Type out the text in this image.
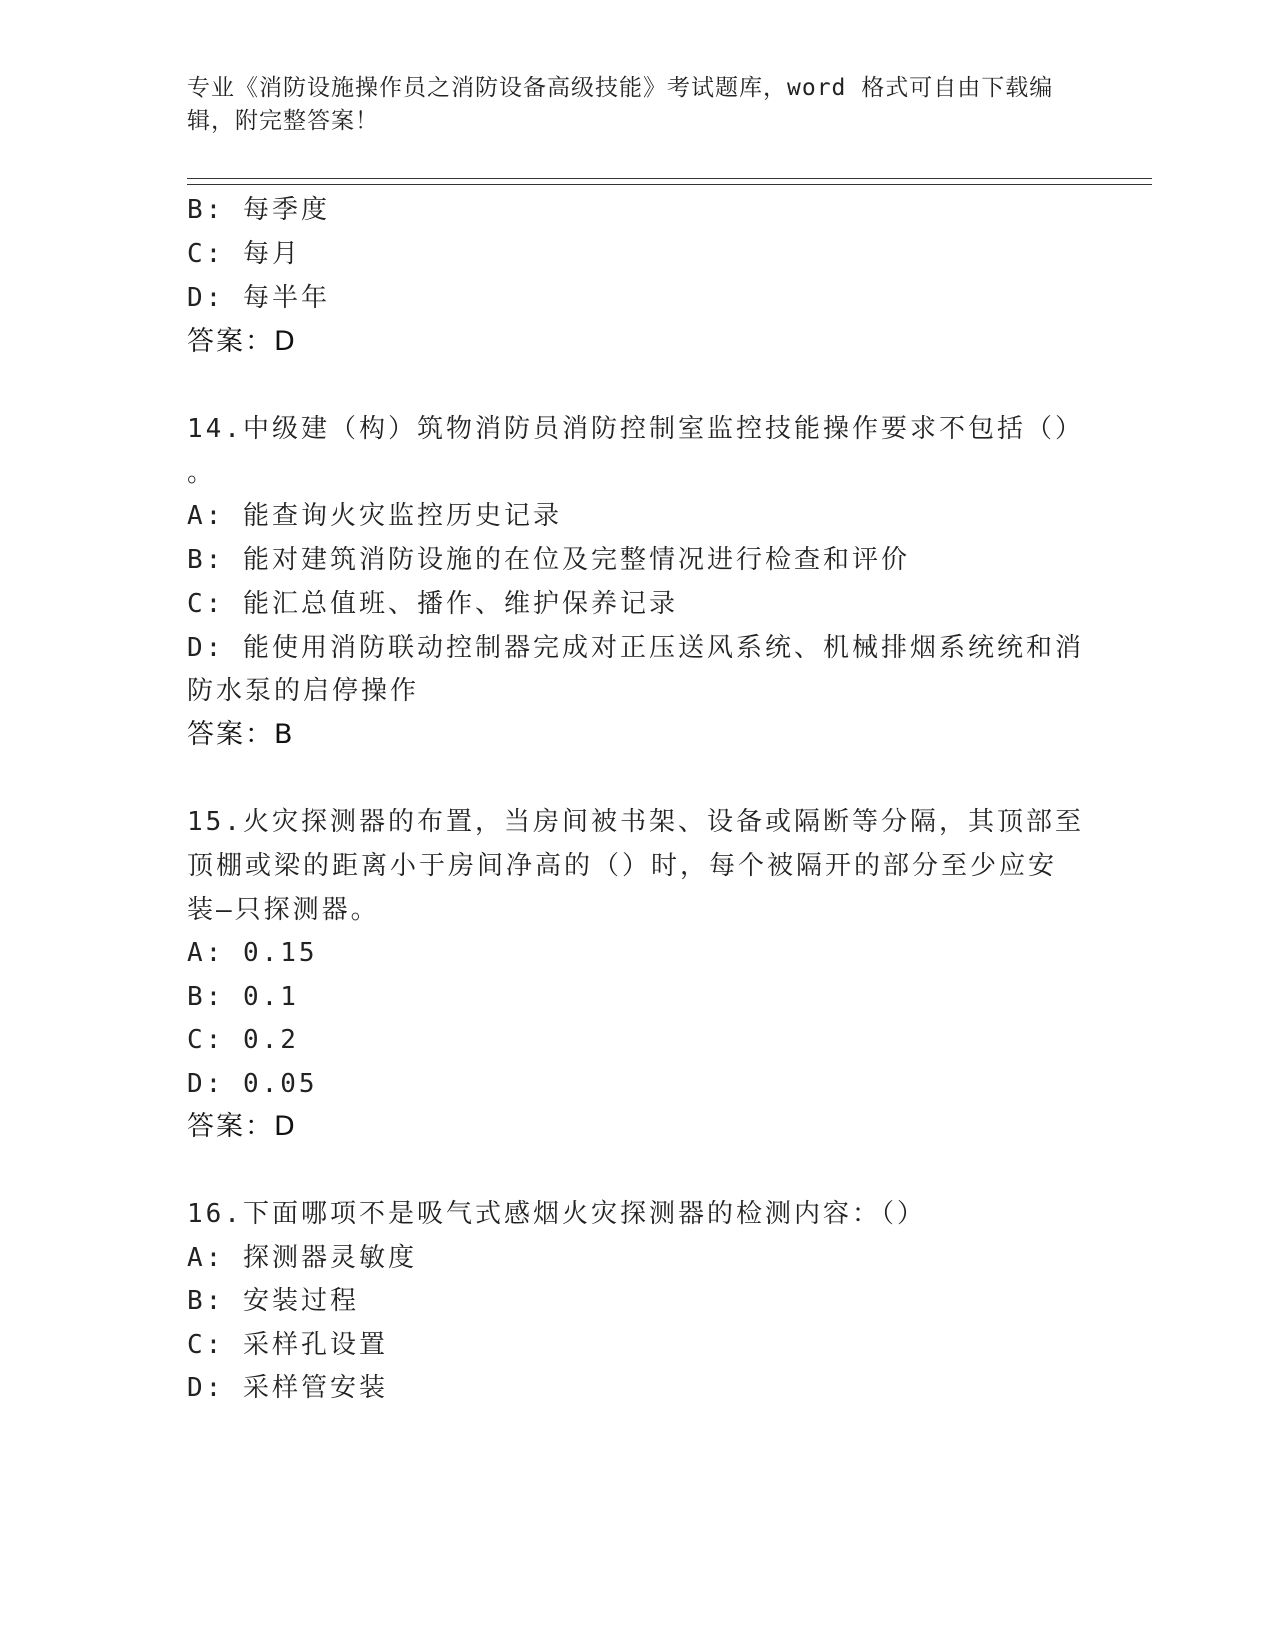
专业《消防设施操作员之消防设备高级技能》考试题库，word 格式可自由下载编辑，附完整答案！
B: 每季度
C: 每月
D: 每半年
答案：D
14.中级建（构）筑物消防员消防控制室监控技能操作要求不包括（）
。
A: 能查询火灾监控历史记录
B: 能对建筑消防设施的在位及完整情况进行检查和评价
C: 能汇总值班、播作、维护保养记录
D: 能使用消防联动控制器完成对正压送风系统、机械排烟系统统和消
防水泵的启停操作
答案：B
15.火灾探测器的布置，当房间被书架、设备或隔断等分隔，其顶部至
顶棚或梁的距离小于房间净高的（）时，每个被隔开的部分至少应安
装—只探测器。
A: 0.15
B: 0.1
C: 0.2
D: 0.05
答案：D
16.下面哪项不是吸气式感烟火灾探测器的检测内容：（）
A: 探测器灵敏度
B: 安装过程
C: 采样孔设置
D: 采样管安装
